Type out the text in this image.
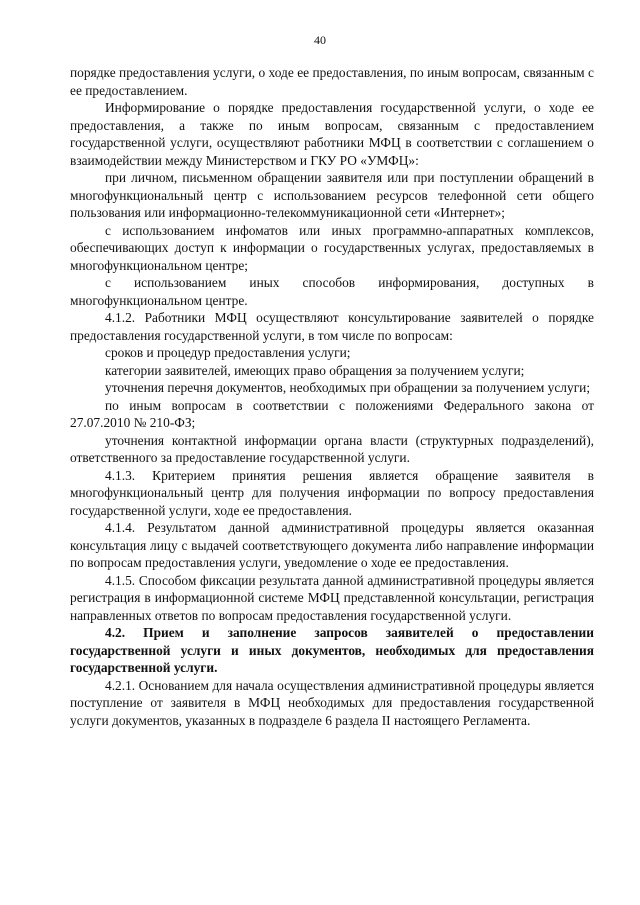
40

порядке предоставления услуги, о ходе ее предоставления, по иным вопросам, связанным с ее предоставлением.

Информирование о порядке предоставления государственной услуги, о ходе ее предоставления, а также по иным вопросам, связанным с предоставлением государственной услуги, осуществляют работники МФЦ в соответствии с соглашением о взаимодействии между Министерством и ГКУ РО «УМФЦ»:

при личном, письменном обращении заявителя или при поступлении обращений в многофункциональный центр с использованием ресурсов телефонной сети общего пользования или информационно-телекоммуникационной сети «Интернет»;

с использованием инфоматов или иных программно-аппаратных комплексов, обеспечивающих доступ к информации о государственных услугах, предоставляемых в многофункциональном центре;

с использованием иных способов информирования, доступных в многофункциональном центре.

4.1.2. Работники МФЦ осуществляют консультирование заявителей о порядке предоставления государственной услуги, в том числе по вопросам:

сроков и процедур предоставления услуги;

категории заявителей, имеющих право обращения за получением услуги;

уточнения перечня документов, необходимых при обращении за получением услуги;

по иным вопросам в соответствии с положениями Федерального закона от 27.07.2010 № 210-ФЗ;

уточнения контактной информации органа власти (структурных подразделений), ответственного за предоставление государственной услуги.

4.1.3. Критерием принятия решения является обращение заявителя в многофункциональный центр для получения информации по вопросу предоставления государственной услуги, ходе ее предоставления.

4.1.4. Результатом данной административной процедуры является оказанная консультация лицу с выдачей соответствующего документа либо направление информации по вопросам предоставления услуги, уведомление о ходе ее предоставления.

4.1.5. Способом фиксации результата данной административной процедуры является регистрация в информационной системе МФЦ представленной консультации, регистрация направленных ответов по вопросам предоставления государственной услуги.

4.2. Прием и заполнение запросов заявителей о предоставлении государственной услуги и иных документов, необходимых для предоставления государственной услуги.

4.2.1. Основанием для начала осуществления административной процедуры является поступление от заявителя в МФЦ необходимых для предоставления государственной услуги документов, указанных в подразделе 6 раздела II настоящего Регламента.
